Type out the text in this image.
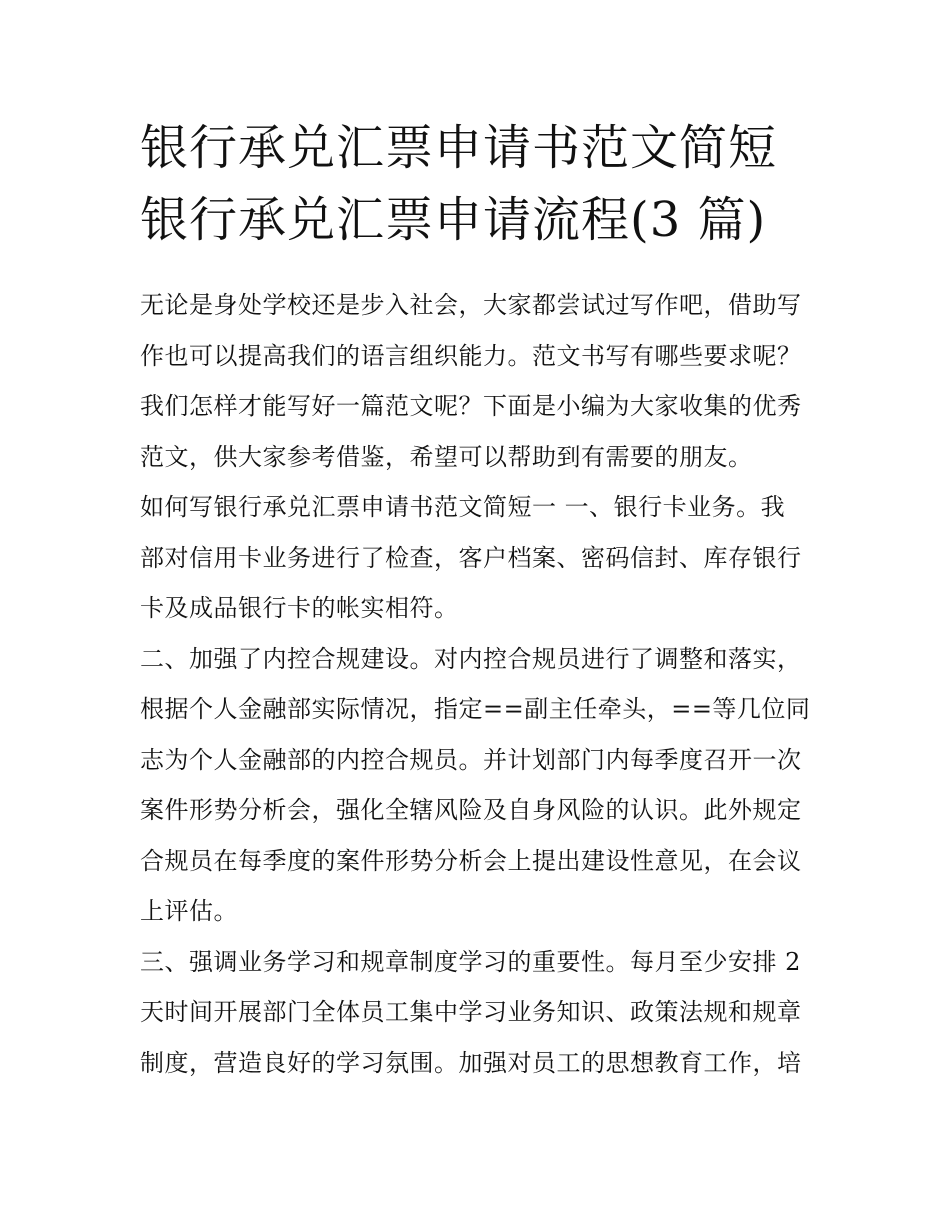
银行承兑汇票申请书范文简短
银行承兑汇票申请流程(3 篇)
无论是身处学校还是步入社会，大家都尝试过写作吧，借助写
作也可以提高我们的语言组织能力。范文书写有哪些要求呢？
我们怎样才能写好一篇范文呢？下面是小编为大家收集的优秀
范文，供大家参考借鉴，希望可以帮助到有需要的朋友。
如何写银行承兑汇票申请书范文简短一 一、银行卡业务。我
部对信用卡业务进行了检查，客户档案、密码信封、库存银行
卡及成品银行卡的帐实相符。
二、加强了内控合规建设。对内控合规员进行了调整和落实，
根据个人金融部实际情况，指定==副主任牵头，==等几位同
志为个人金融部的内控合规员。并计划部门内每季度召开一次
案件形势分析会，强化全辖风险及自身风险的认识。此外规定
合规员在每季度的案件形势分析会上提出建设性意见，在会议
上评估。
三、强调业务学习和规章制度学习的重要性。每月至少安排 2
天时间开展部门全体员工集中学习业务知识、政策法规和规章
制度，营造良好的学习氛围。加强对员工的思想教育工作，培
